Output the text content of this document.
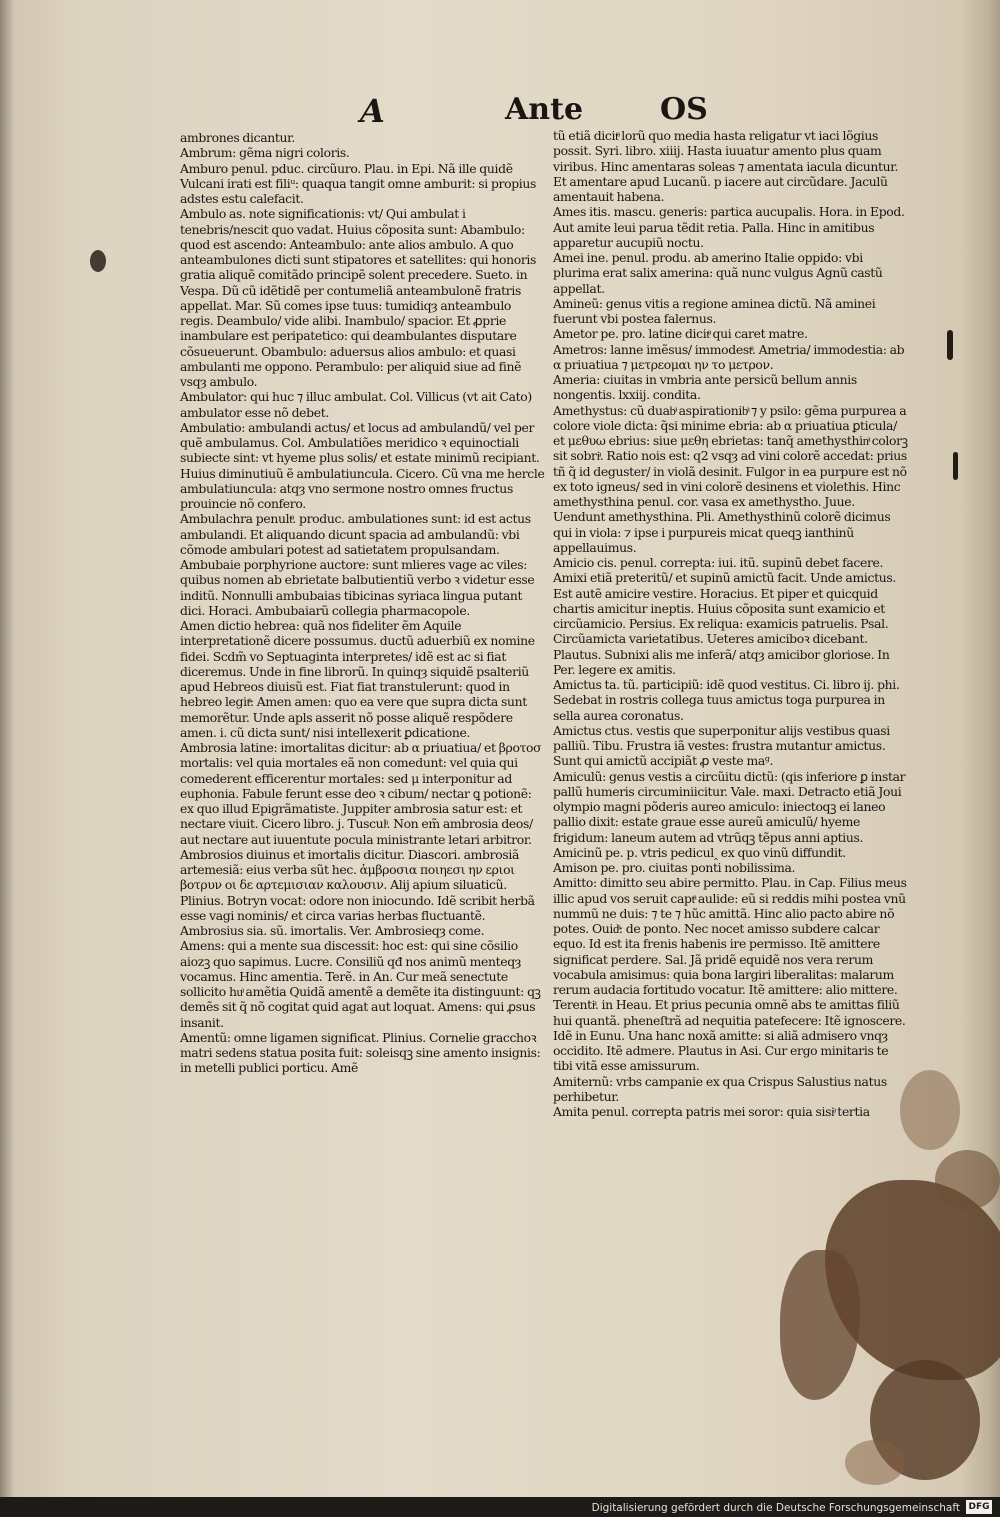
A	Ante	OS

ambrones dicantur.

Ambrum: gẽma nigri coloris.

Amburo penul. pduc. circũuro. Plau. in Epi. Nã ille quidẽ Vulcani irati est filiᵘ: quaqua tangit omne amburit: si propius adstes estu calefacit.

Ambulo as. note significationis: vt/ Qui ambulat i tenebris/nescit quo vadat. Huius cõposita sunt: Abambulo: quod est ascendo: Anteambulo: ante alios ambulo. A quo anteambulones dicti sunt stipatores et satellites: qui honoris gratia aliquẽ comitãdo principẽ solent precedere. Sueto. in Vespa. Dũ cũ idẽtidẽ per contumeliã anteambulonẽ fratris appellat. Mar. Sũ comes ipse tuus: tumidiqȝ anteambulo regis. Deambulo/ vide alibi. Inambulo/ spacior. Et ꝓprie inambulare est peripatetico: qui deambulantes disputare cõsueuerunt. Obambulo: aduersus alios ambulo: et quasi ambulanti me oppono. Perambulo: per aliquid siue ad finẽ vsqȝ ambulo.

Ambulator: qui huc ⁊ illuc ambulat. Col. Villicus (vt ait Cato) ambulator esse nõ debet.

Ambulatio: ambulandi actus/ et locus ad ambulandũ/ vel per quẽ ambulamus. Col. Ambulatiões meridico ꝛ equinoctiali subiecte sint: vt hyeme plus solis/ et estate minimũ recipiant. Huius diminutiuũ ẽ ambulatiuncula. Cicero. Cũ vna me hercle ambulatiuncula: atqȝ vno sermone nostro omnes fructus prouincie nõ confero.

Ambulachra penultͣ. produc. ambulationes sunt: id est actus ambulandi. Et aliquando dicunt spacia ad ambulandũ: vbi cõmode ambulari potest ad satietatem propulsandam.

Ambubaie porphyrione auctore: sunt mlieres vage ac viles: quibus nomen ab ebrietate balbutientiũ verbo ꝛ videtur esse inditũ. Nonnulli ambubaias tibicinas syriaca lingua putant dici. Horaci. Ambubaiarũ collegia pharmacopole.

Amen dictio hebrea: quã nos fideliter ẽm Aquile interpretationẽ dicere possumus. ductũ aduerbiũ ex nomine fidei. Scdm̃ vo Septuaginta interpretes/ idẽ est ac si fiat diceremus. Unde in fine librorũ. In quinqȝ siquidẽ psalteriũ apud Hebreos diuisũ est. Fiat fiat transtulerunt: quod in hebreo legitͣ: Amen amen: quo ea vere que supra dicta sunt memorẽtur. Unde apls asserit nõ posse aliquẽ respõdere amen. i. cũ dicta sunt/ nisi intellexerit ꝑdicatione.

Ambrosia latine: imortalitas dicitur: ab α priuatiua/ et βροτοσ mortalis: vel quia mortales eã non comedunt: vel quia qui comederent efficerentur mortales: sed μ interponitur ad euphonia. Fabule ferunt esse deo ꝛ cibum/ nectar ꝗ potionẽ: ex quo illud Epigrãmatiste. Juppiter ambrosia satur est: et nectare viuit. Cicero libro. j. Tusculͣ. Non em̃ ambrosia deos/ aut nectare aut iuuentute pocula ministrante letari arbitror. Ambrosios diuinus et imortalis dicitur. Diascori. ambrosiã artemesiã: eius verba sũt hec. ἀμβροσια ποιηεσι ην εριοι βοτρυν οι δε αρτεμισιαν καλουσιν. Alij apium siluaticũ. Plinius. Botryn vocat: odore non iniocundo. Idẽ scribit herbã esse vagi nominis/ et circa varias herbas fluctuantẽ. Ambrosius sia. sũ. imortalis. Ver. Ambrosieqȝ come.

Amens: qui a mente sua discessit: hoc est: qui sine cõsilio aiozꝫ quo sapimus. Lucre. Consiliũ qđ nos animũ menteqȝ vocamus. Hinc amentia. Terẽ. in An. Cur meã senectute sollicito huͣ amẽtia Quidã amentẽ a demẽte ita distinguunt: qꝫ demẽs sit q̃ nõ cogitat quid agat aut loquat. Amens: qui ꝓsus insanit.

Amentũ: omne ligamen significat. Plinius. Cornelie gracchoꝛ matri sedens statua posita fuit: soleisqꝫ sine amento insignis: in metelli publici porticu. Amẽ

tũ etiã dicitͣ lorũ quo media hasta religatur vt iaci lõgius possit. Syri. libro. xiiij. Hasta iuuatur amento plus quam viribus. Hinc amentaras soleas ⁊ amentata iacula dicuntur. Et amentare apud Lucanũ. p iacere aut circũdare. Jaculũ amentauit habena.

Ames itis. mascu. generis: partica aucupalis. Hora. in Epod. Aut amite leui parua tẽdit retia. Palla. Hinc in amitibus apparetur aucupiũ noctu.

Amei ine. penul. produ. ab amerino Italie oppido: vbi plurima erat salix amerina: quã nunc vulgus Agnũ castũ appellat.

Amineũ: genus vitis a regione aminea dictũ. Nã aminei fuerunt vbi postea falernus.

Ametor pe. pro. latine dicitͣ qui caret matre.

Ametros: lanne imẽsus/ immodestͣ. Ametria/ immodestia: ab α priuatiua ⁊ μετρεομαι ην το μετρον.

Ameria: ciuitas in vmbria ante persicũ bellum annis nongentis. lxxiij. condita.

Amethystus: cũ duabͣ aspirationibͣ ⁊ y psilo: gẽma purpurea a colore viole dicta: q̃si minime ebria: ab α priuatiua ꝑticula/ et μεθυω ebrius: siue μεθη ebrietas: tanq̃ amethysthinͣ colorꝫ sit sobriͣ. Ratio nois est: q2 vsqȝ ad vini colorẽ accedat: prius tñ q̃ id deguster/ in violã desinit. Fulgor in ea purpure est nõ ex toto igneus/ sed in vini colorẽ desinens et violethis. Hinc amethysthina penul. cor. vasa ex amethystho. Juue. Uendunt amethysthina. Pli. Amethysthinũ colorẽ dicimus qui in viola: ⁊ ipse i purpureis micat queqꝫ ianthinũ appellauimus.

Amicio cis. penul. correpta: iui. itũ. supinũ debet facere. Amixi etiã preteritũ/ et supinũ amictũ facit. Unde amictus. Est autẽ amicire vestire. Horacius. Et piper et quicquid chartis amicitur ineptis. Huius cõposita sunt examicio et circũamicio. Persius. Ex reliqua: examicis patruelis. Psal. Circũamicta varietatibus. Ueteres amiciboꝛ dicebant. Plautus. Subnixi alis me inferã/ atqȝ amicibor gloriose. In Per. legere ex amitis.

Amictus ta. tũ. participiũ: idẽ quod vestitus. Ci. libro ij. phi. Sedebat in rostris collega tuus amictus toga purpurea in sella aurea coronatus.

Amictus ctus. vestis que superponitur alijs vestibus quasi palliũ. Tibu. Frustra iã vestes: frustra mutantur amictus. Sunt qui amictũ accipiãt ꝓ veste maᵍ.

Amiculũ: genus vestis a circũitu dictũ: (qis inferiore ꝑ instar pallũ humeris circuminiicitur. Vale. maxi. Detracto etiã Joui olympio magni põderis aureo amiculo: iniectoqꝫ ei laneo pallio dixit: estate graue esse aureũ amiculũ/ hyeme frigidum: laneum autem ad vtrũqꝫ tẽpus anni aptius.

Amicinũ pe. p. vtris pedicul‸ ex quo vinũ diffundit.

Amison pe. pro. ciuitas ponti nobilissima.

Amitto: dimitto seu abire permitto. Plau. in Cap. Filius meus illic apud vos seruit captͣ aulide: eũ si reddis mihi postea vnũ nummũ ne duis: ⁊ te ⁊ hũc amittã. Hinc alio pacto abire nõ potes. Ouidͣ: de ponto. Nec nocet amisso subdere calcar equo. Id est ita frenis habenis ire permisso. Itẽ amittere significat perdere. Sal. Jã pridẽ equidẽ nos vera rerum vocabula amisimus: quia bona largiri liberalitas: malarum rerum audacia fortitudo vocatur. Itẽ amittere: alio mittere. Terentiͣ. in Heau. Et prius pecunia omnẽ abs te amittas filiũ hui quantã. pheneſtrã ad nequitia patefecere: Itẽ ignoscere. Idẽ in Eunu. Una hanc noxã amitte: si aliã admisero vnqȝ occidito. Itẽ admere. Plautus in Asi. Cur ergo minitaris te tibi vitã esse amissurum.

Amiternũ: vrbs campanie ex qua Crispus Salustius natus perhibetur.

Amita penul. correpta patris mei soror: quia sisiͣ tertia

Digitalisierung gefördert durch die Deutsche Forschungsgemeinschaft DFG
